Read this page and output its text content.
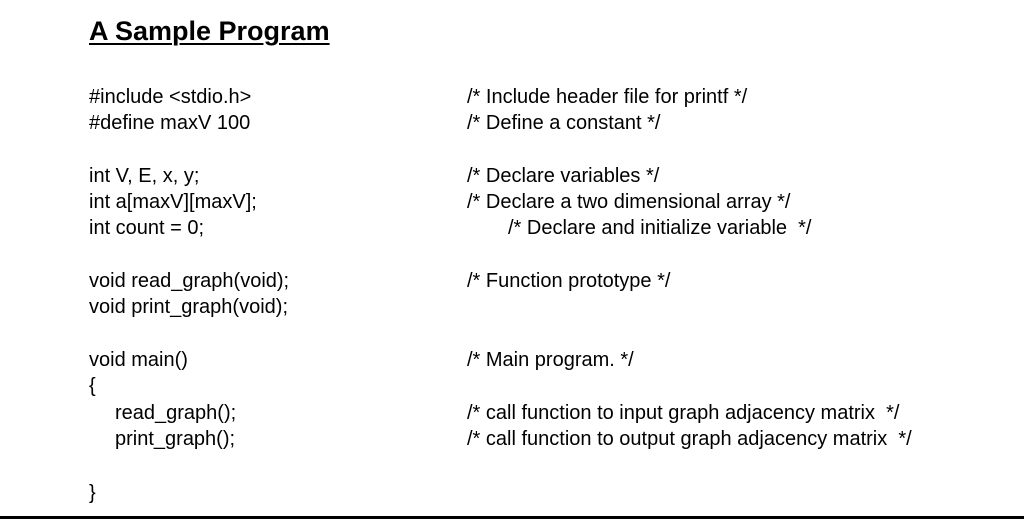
A Sample Program
#include <stdio.h>
#define maxV 100
int V, E, x, y;
int a[maxV][maxV];
int count = 0;
void read_graph(void);
void print_graph(void);
void main()
{
read_graph();
print_graph();
}
/* Include header file for printf */
/* Define a constant */
/* Declare variables */
/* Declare a two dimensional array */
/* Declare and initialize variable  */
/* Function prototype */
/* Main program. */
/* call function to input graph adjacency matrix  */
/* call function to output graph adjacency matrix  */
